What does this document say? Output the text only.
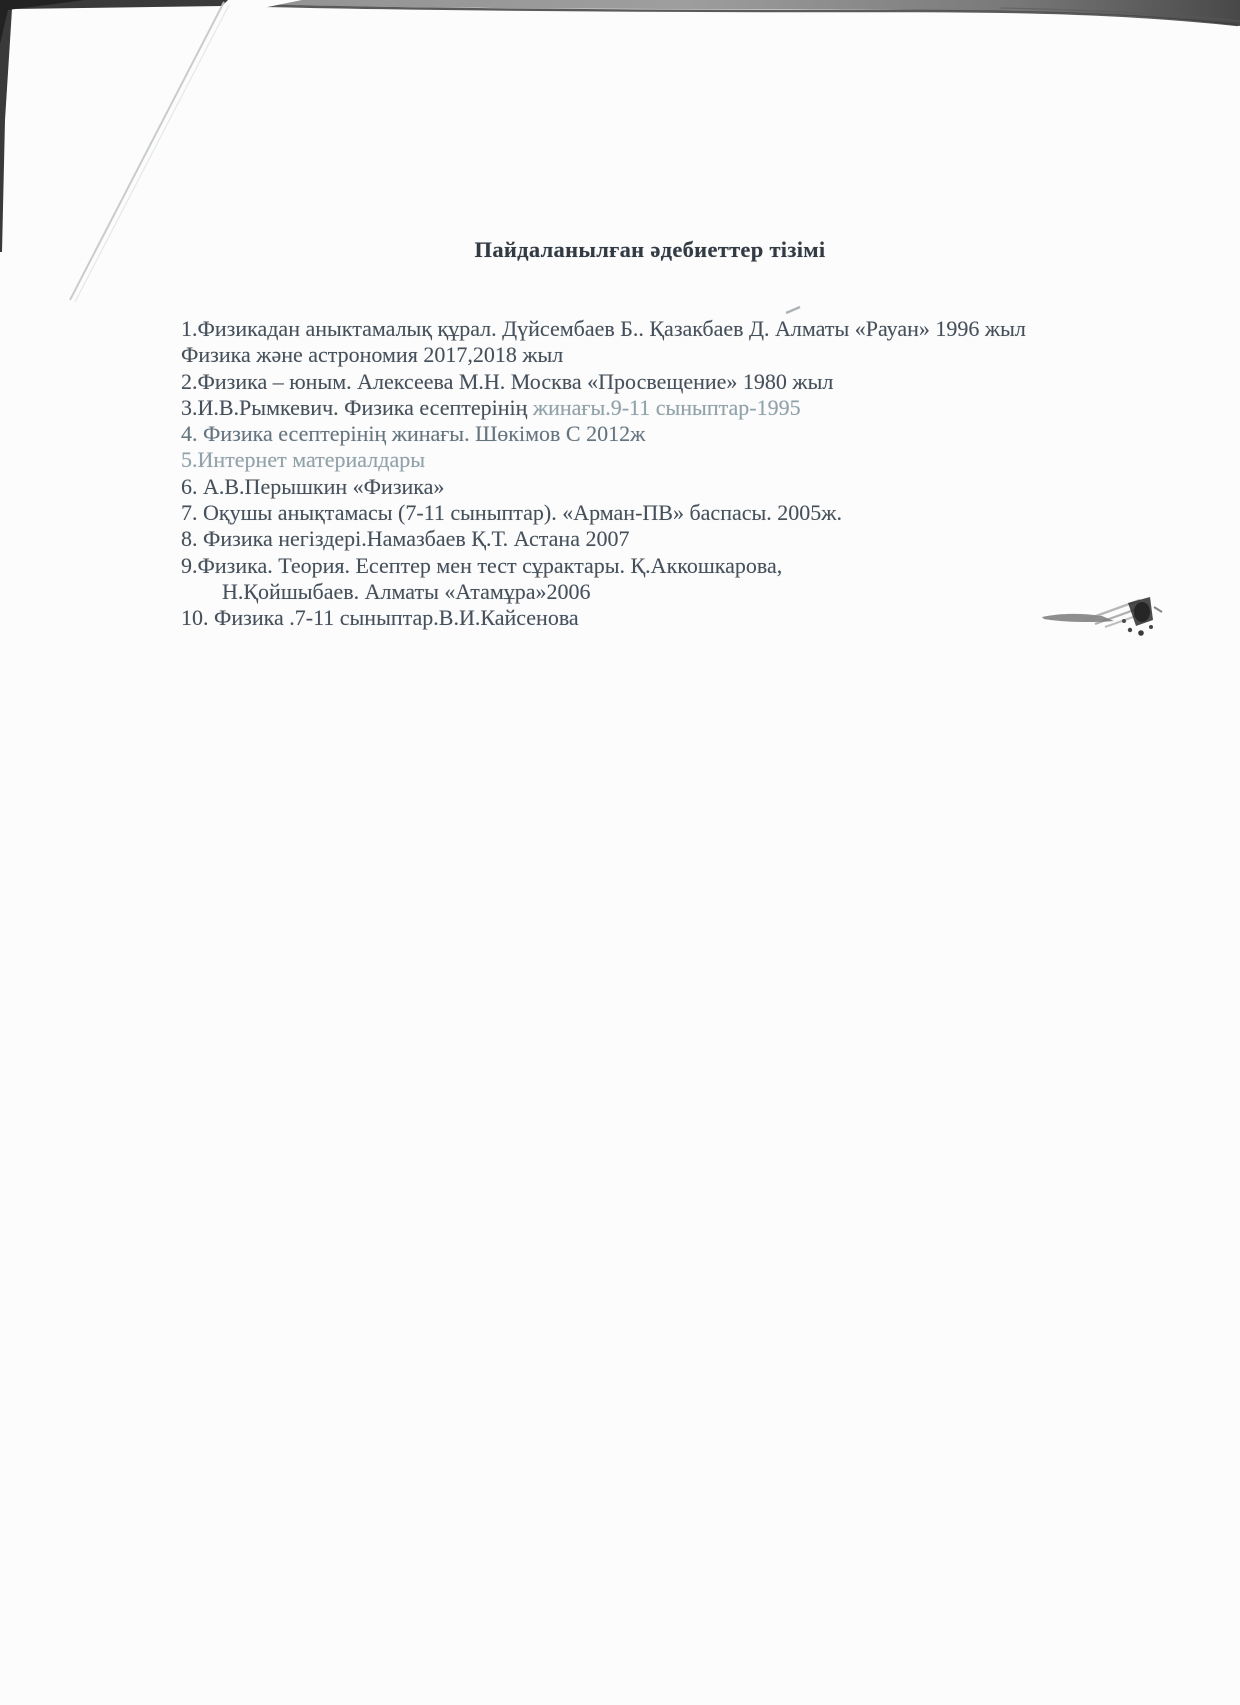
Пайдаланылған әдебиеттер тізімі
1.Физикадан аныктамалық құрал. Дүйсембаев Б.. Қазакбаев Д. Алматы «Рауан» 1996 жыл
Физика және астрономия 2017,2018 жыл
2.Физика – юным. Алексеева М.Н. Москва «Просвещение» 1980 жыл
3.И.В.Рымкевич. Физика есептерінің жинағы.9-11 сыныптар-1995
4. Физика есептерінің жинағы. Шөкімов С 2012ж
5.Интернет материалдары
6. А.В.Перышкин «Физика»
7. Оқушы анықтамасы (7-11 сыныптар). «Арман-ПВ» баспасы. 2005ж.
8. Физика негіздері.Намазбаев Қ.Т. Астана 2007
9.Физика. Теория. Есептер мен тест сұрактары. Қ.Аккошкарова,
Н.Қойшыбаев. Алматы «Атамұра»2006
10. Физика .7-11 сыныптар.В.И.Кайсенова
